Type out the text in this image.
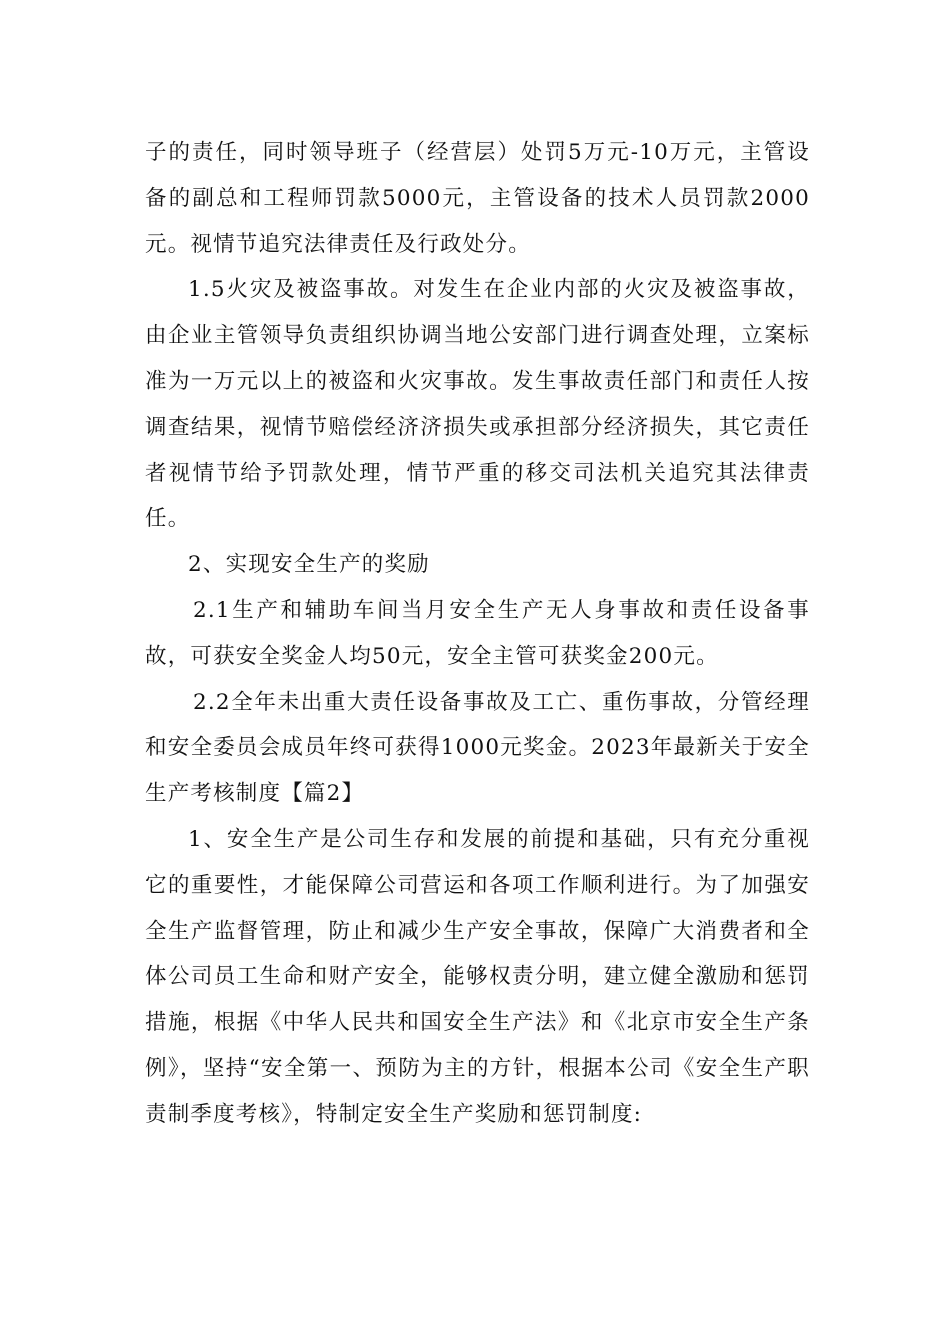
子的责任，同时领导班子（经营层）处罚5万元-10万元，主管设备的副总和工程师罚款5000元，主管设备的技术人员罚款2000元。视情节追究法律责任及行政处分。

1.5火灾及被盗事故。对发生在企业内部的火灾及被盗事故，由企业主管领导负责组织协调当地公安部门进行调查处理，立案标准为一万元以上的被盗和火灾事故。发生事故责任部门和责任人按调查结果，视情节赔偿经济济损失或承担部分经济损失，其它责任者视情节给予罚款处理，情节严重的移交司法机关追究其法律责任。

2、实现安全生产的奖励

2.1生产和辅助车间当月安全生产无人身事故和责任设备事故，可获安全奖金人均50元，安全主管可获奖金200元。

2.2全年未出重大责任设备事故及工亡、重伤事故，分管经理和安全委员会成员年终可获得1000元奖金。2023年最新关于安全生产考核制度【篇2】

1、安全生产是公司生存和发展的前提和基础，只有充分重视它的重要性，才能保障公司营运和各项工作顺利进行。为了加强安全生产监督管理，防止和减少生产安全事故，保障广大消费者和全体公司员工生命和财产安全，能够权责分明，建立健全激励和惩罚措施，根据《中华人民共和国安全生产法》和《北京市安全生产条例》，坚持“安全第一、预防为主的方针，根据本公司《安全生产职责制季度考核》，特制定安全生产奖励和惩罚制度:
